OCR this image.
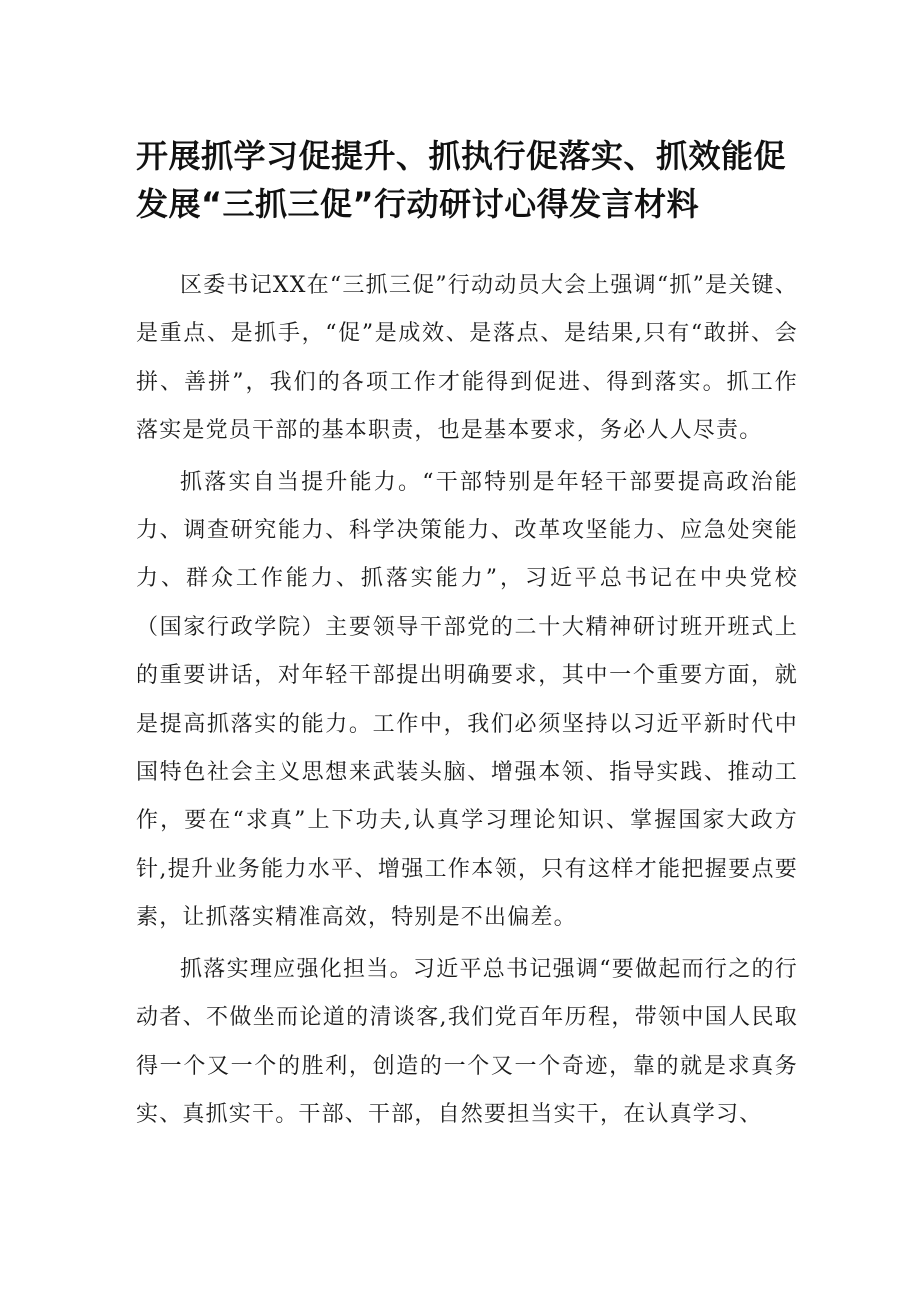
开展抓学习促提升、抓执行促落实、抓效能促
发展“三抓三促”行动研讨心得发言材料

区委书记XX在“三抓三促”行动动员大会上强调“抓”是关键、是重点、是抓手，“促”是成效、是落点、是结果,只有“敢拼、会拼、善拼”，我们的各项工作才能得到促进、得到落实。抓工作落实是党员干部的基本职责，也是基本要求，务必人人尽责。

抓落实自当提升能力。“干部特别是年轻干部要提高政治能力、调查研究能力、科学决策能力、改革攻坚能力、应急处突能力、群众工作能力、抓落实能力”，习近平总书记在中央党校（国家行政学院）主要领导干部党的二十大精神研讨班开班式上的重要讲话，对年轻干部提出明确要求，其中一个重要方面，就是提高抓落实的能力。工作中，我们必须坚持以习近平新时代中国特色社会主义思想来武装头脑、增强本领、指导实践、推动工作，要在“求真”上下功夫,认真学习理论知识、掌握国家大政方针,提升业务能力水平、增强工作本领，只有这样才能把握要点要素，让抓落实精准高效，特别是不出偏差。

抓落实理应强化担当。习近平总书记强调“要做起而行之的行动者、不做坐而论道的清谈客,我们党百年历程，带领中国人民取得一个又一个的胜利，创造的一个又一个奇迹，靠的就是求真务实、真抓实干。干部、干部，自然要担当实干，在认真学习、
